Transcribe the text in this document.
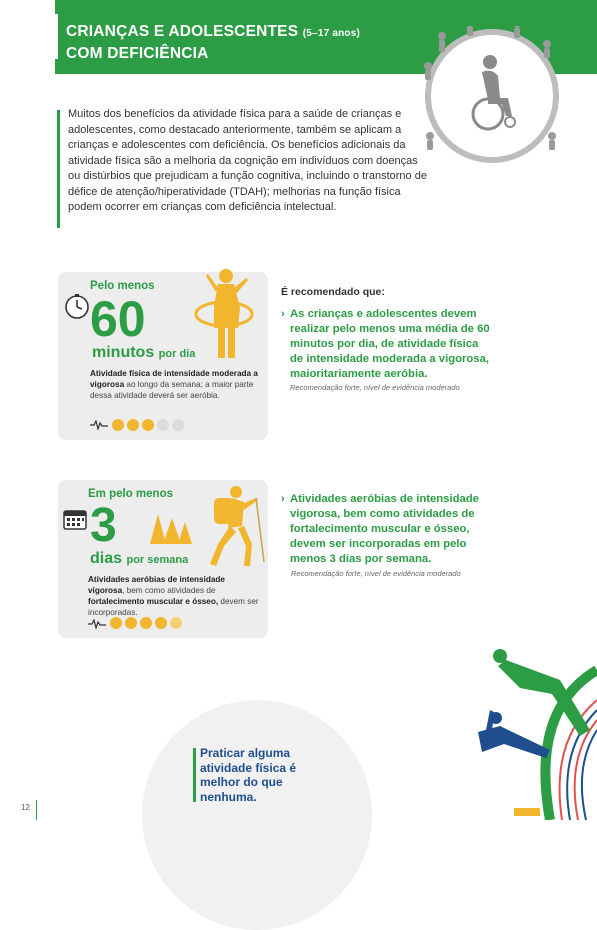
CRIANÇAS E ADOLESCENTES (5–17 anos)
COM DEFICIÊNCIA
Muitos dos benefícios da atividade física para a saúde de crianças e adolescentes, como destacado anteriormente, também se aplicam a crianças e adolescentes com deficiência. Os benefícios adicionais da atividade física são a melhoria da cognição em indivíduos com doenças ou distúrbios que prejudicam a função cognitiva, incluindo o transtorno de défice de atenção/hiperatividade (TDAH); melhorias na função física podem ocorrer em crianças com deficiência intelectual.
Pelo menos
60
minutos por dia
Atividade física de intensidade moderada a vigorosa ao longo da semana; a maior parte dessa atividade deverá ser aeróbia.
Em pelo menos
3
dias por semana
Atividades aeróbias de intensidade vigorosa, bem como atividades de fortalecimento muscular e ósseo, devem ser incorporadas.
É recomendado que:
› As crianças e adolescentes devem realizar pelo menos uma média de 60 minutos por dia, de atividade física de intensidade moderada a vigorosa, maioritariamente aeróbia.
Recomendação forte, nível de evidência moderado
› Atividades aeróbias de intensidade vigorosa, bem como atividades de fortalecimento muscular e ósseo, devem ser incorporadas em pelo menos 3 dias por semana.
Recomendação forte, nível de evidência moderado
Praticar alguma atividade física é melhor do que nenhuma.
12
